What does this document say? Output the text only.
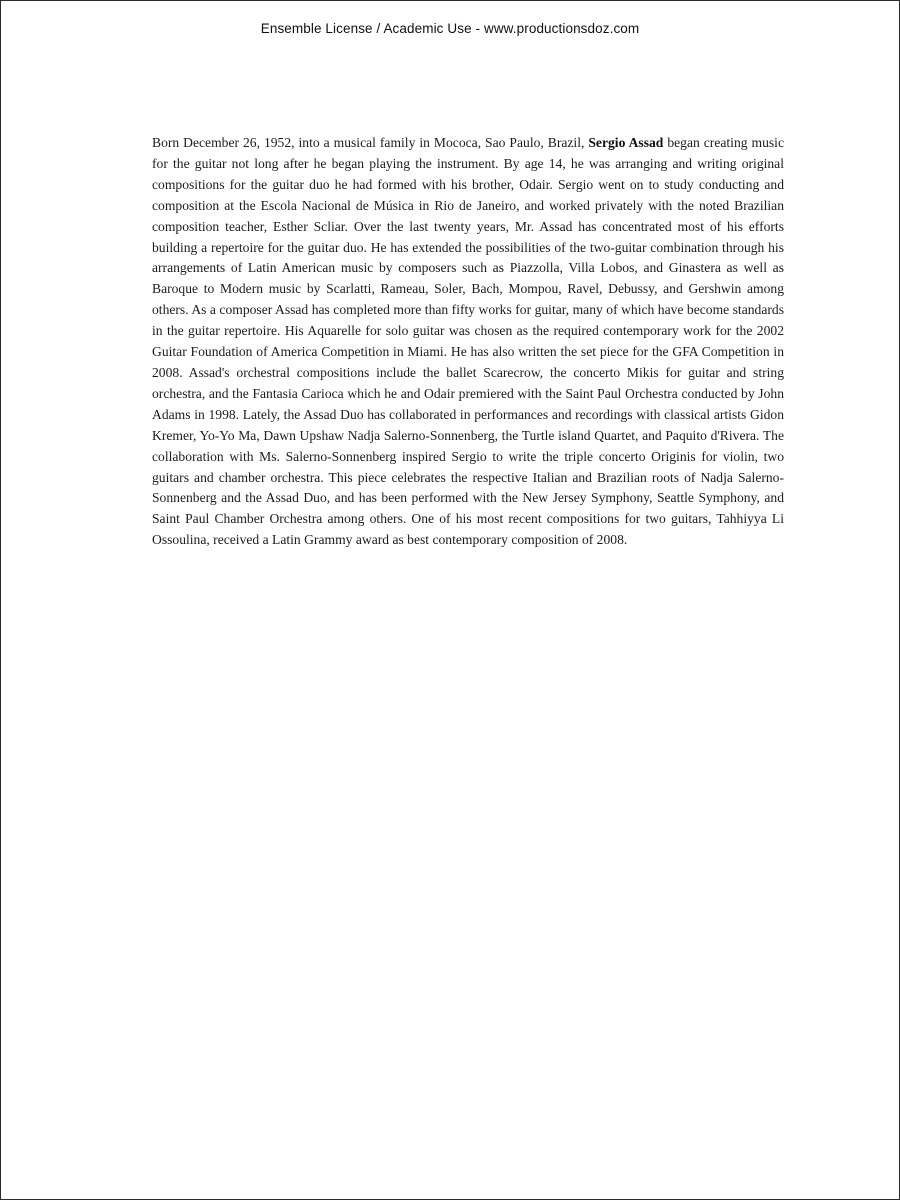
Ensemble License / Academic Use - www.productionsdoz.com

Born December 26, 1952, into a musical family in Mococa, Sao Paulo, Brazil, Sergio Assad began creating music for the guitar not long after he began playing the instrument. By age 14, he was arranging and writing original compositions for the guitar duo he had formed with his brother, Odair. Sergio went on to study conducting and composition at the Escola Nacional de Música in Rio de Janeiro, and worked privately with the noted Brazilian composition teacher, Esther Scliar. Over the last twenty years, Mr. Assad has concentrated most of his efforts building a repertoire for the guitar duo. He has extended the possibilities of the two-guitar combination through his arrangements of Latin American music by composers such as Piazzolla, Villa Lobos, and Ginastera as well as Baroque to Modern music by Scarlatti, Rameau, Soler, Bach, Mompou, Ravel, Debussy, and Gershwin among others. As a composer Assad has completed more than fifty works for guitar, many of which have become standards in the guitar repertoire. His Aquarelle for solo guitar was chosen as the required contemporary work for the 2002 Guitar Foundation of America Competition in Miami. He has also written the set piece for the GFA Competition in 2008. Assad's orchestral compositions include the ballet Scarecrow, the concerto Mikis for guitar and string orchestra, and the Fantasia Carioca which he and Odair premiered with the Saint Paul Orchestra conducted by John Adams in 1998. Lately, the Assad Duo has collaborated in performances and recordings with classical artists Gidon Kremer, Yo-Yo Ma, Dawn Upshaw Nadja Salerno-Sonnenberg, the Turtle island Quartet, and Paquito d'Rivera. The collaboration with Ms. Salerno-Sonnenberg inspired Sergio to write the triple concerto Originis for violin, two guitars and chamber orchestra. This piece celebrates the respective Italian and Brazilian roots of Nadja Salerno-Sonnenberg and the Assad Duo, and has been performed with the New Jersey Symphony, Seattle Symphony, and Saint Paul Chamber Orchestra among others. One of his most recent compositions for two guitars, Tahhiyya Li Ossoulina, received a Latin Grammy award as best contemporary composition of 2008.
